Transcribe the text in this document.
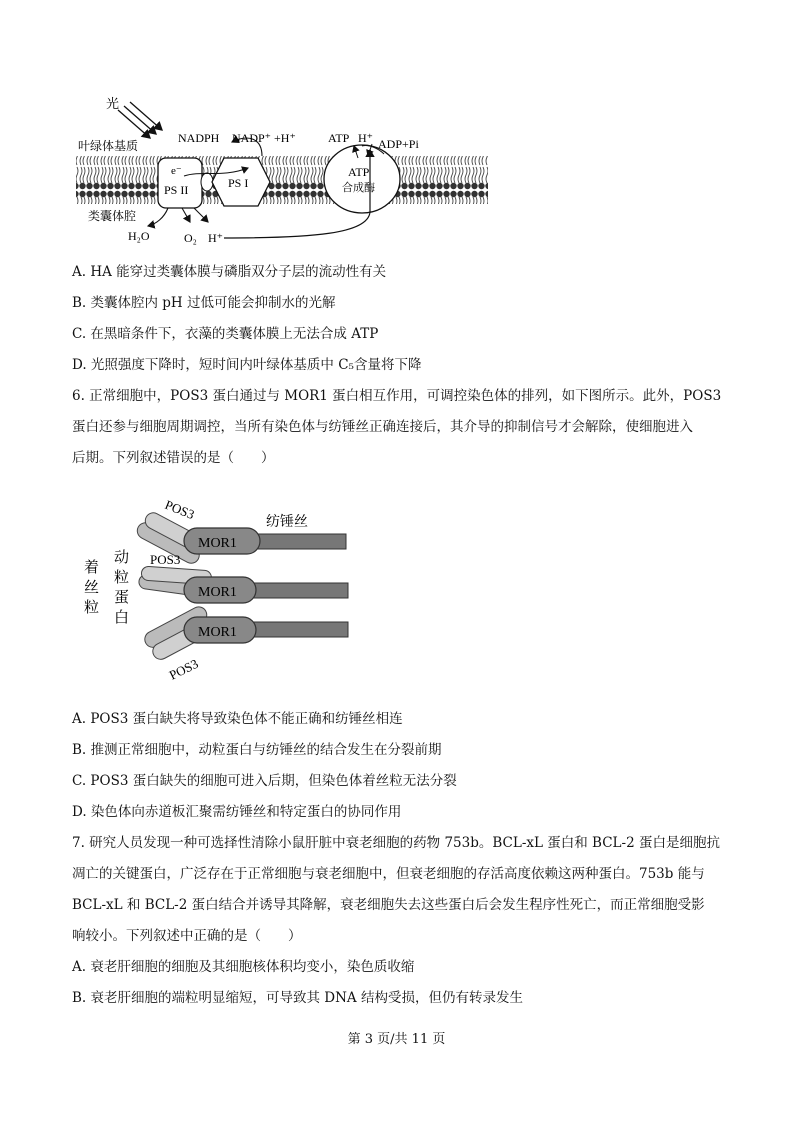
光
叶绿体基质
类囊体腔
e⁻
PS II	PS I
NADPH NADP⁺ +H⁺
ATP
合成酶
ATP H⁺ ADP+Pi
H₂O	O₂ H⁺
A. HA 能穿过类囊体膜与磷脂双分子层的流动性有关
B. 类囊体腔内 pH 过低可能会抑制水的光解
C. 在黑暗条件下，衣藻的类囊体膜上无法合成 ATP
D. 光照强度下降时，短时间内叶绿体基质中 C₅含量将下降
6. 正常细胞中，POS3 蛋白通过与 MOR1 蛋白相互作用，可调控染色体的排列，如下图所示。此外，POS3
蛋白还参与细胞周期调控，当所有染色体与纺锤丝正确连接后，其介导的抑制信号才会解除，使细胞进入
后期。下列叙述错误的是（　　）
MOR1
MOR1
MOR1
POS3
POS3
POS3
纺锤丝
着
丝
粒
动
粒
蛋
白
A. POS3 蛋白缺失将导致染色体不能正确和纺锤丝相连
B. 推测正常细胞中，动粒蛋白与纺锤丝的结合发生在分裂前期
C. POS3 蛋白缺失的细胞可进入后期，但染色体着丝粒无法分裂
D. 染色体向赤道板汇聚需纺锤丝和特定蛋白的协同作用
7. 研究人员发现一种可选择性清除小鼠肝脏中衰老细胞的药物 753b。BCL-xL 蛋白和 BCL-2 蛋白是细胞抗
凋亡的关键蛋白，广泛存在于正常细胞与衰老细胞中，但衰老细胞的存活高度依赖这两种蛋白。753b 能与
BCL-xL 和 BCL-2 蛋白结合并诱导其降解，衰老细胞失去这些蛋白后会发生程序性死亡，而正常细胞受影
响较小。下列叙述中正确的是（　　）
A. 衰老肝细胞的细胞及其细胞核体积均变小，染色质收缩
B. 衰老肝细胞的端粒明显缩短，可导致其 DNA 结构受损，但仍有转录发生
第 3 页/共 11 页
